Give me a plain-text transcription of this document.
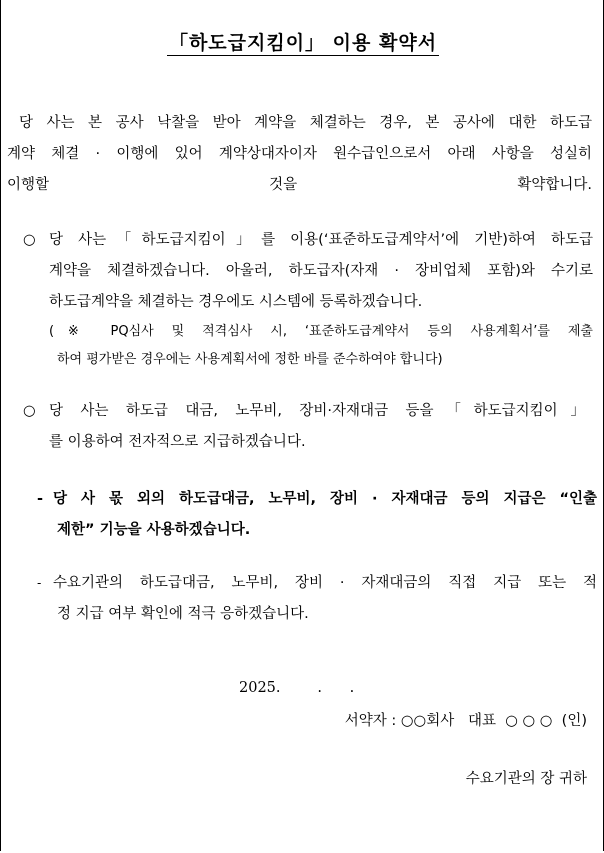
「하도급지킴이」 이용 확약서
당 사는 본 공사 낙찰을 받아 계약을 체결하는 경우, 본 공사에 대한 하도급
계약 체결 · 이행에 있어 계약상대자이자 원수급인으로서 아래 사항을 성실히
이행할 것을 확약합니다.
○ 당 사는「하도급지킴이」를 이용(‘표준하도급계약서’에 기반)하여 하도급
계약을 체결하겠습니다. 아울러, 하도급자(자재 · 장비업체 포함)와 수기로
하도급계약을 체결하는 경우에도 시스템에 등록하겠습니다.
(※ PQ심사 및 적격심사 시, ‘표준하도급계약서 등의 사용계획서’를 제출
하여 평가받은 경우에는 사용계획서에 정한 바를 준수하여야 합니다)
○ 당 사는 하도급 대금, 노무비, 장비·자재대금 등을「하도급지킴이」
를 이용하여 전자적으로 지급하겠습니다.
- 당 사 몫 외의 하도급대금, 노무비, 장비 · 자재대금 등의 지급은 “인출
제한” 기능을 사용하겠습니다.
- 수요기관의 하도급대금, 노무비, 장비 · 자재대금의 직접 지급 또는 적
정 지급 여부 확인에 적극 응하겠습니다.
2025.        .      .
서약자 : ○○회사   대표  ○ ○ ○  (인)
수요기관의 장 귀하
